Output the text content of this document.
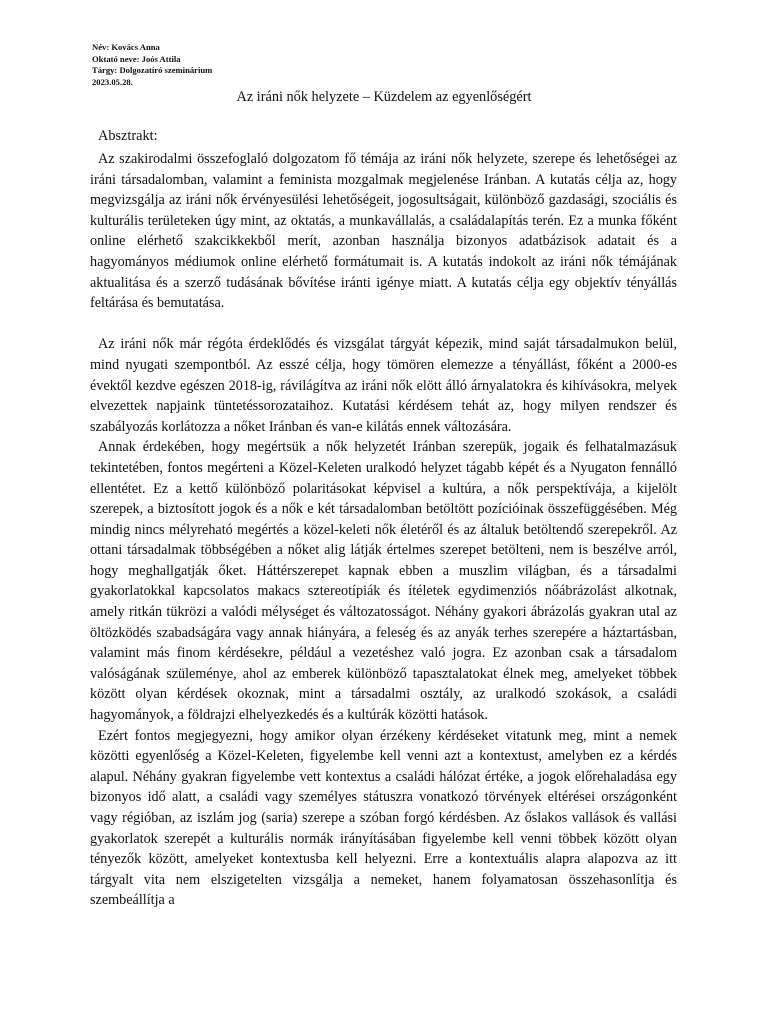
Név: Kovács Anna
Oktató neve: Joós Attila
Tárgy: Dolgozatíró szeminárium
2023.05.28.
Az iráni nők helyzete – Küzdelem az egyenlőségért
Absztrakt:

Az szakirodalmi összefoglaló dolgozatom fő témája az iráni nők helyzete, szerepe és lehetőségei az iráni társadalomban, valamint a feminista mozgalmak megjelenése Iránban. A kutatás célja az, hogy megvizsgálja az iráni nők érvényesülési lehetőségeit, jogosultságait, különböző gazdasági, szociális és kulturális területeken úgy mint, az oktatás, a munkavállalás, a családalapítás terén. Ez a munka főként online elérhető szakcikkekből merít, azonban használja bizonyos adatbázisok adatait és a hagyományos médiumok online elérhető formátumait is. A kutatás indokolt az iráni nők témájának aktualitása és a szerző tudásának bővítése iránti igénye miatt. A kutatás célja egy objektív tényállás feltárása és bemutatása.

Az iráni nők már régóta érdeklődés és vizsgálat tárgyát képezik, mind saját társadalmukon belül, mind nyugati szempontból. Az esszé célja, hogy tömören elemezze a tényállást, főként a 2000-es évektől kezdve egészen 2018-ig, rávilágítva az iráni nők elött álló árnyalatokra és kihívásokra, melyek elvezettek napjaink tüntetéssorozataihoz. Kutatási kérdésem tehát az, hogy milyen rendszer és szabályozás korlátozza a nőket Iránban és van-e kilátás ennek változására.

Annak érdekében, hogy megértsük a nők helyzetét Iránban szerepük, jogaik és felhatalmazásuk tekintetében, fontos megérteni a Közel-Keleten uralkodó helyzet tágabb képét és a Nyugaton fennálló ellentétet. Ez a kettő különböző polaritásokat képvisel a kultúra, a nők perspektívája, a kijelölt szerepek, a biztosított jogok és a nők e két társadalomban betöltött pozícióinak összefüggésében. Még mindig nincs mélyreható megértés a közel-keleti nők életéről és az általuk betöltendő szerepekről. Az ottani társadalmak többségében a nőket alig látják értelmes szerepet betölteni, nem is beszélve arról, hogy meghallgatják őket. Háttérszerepet kapnak ebben a muszlim világban, és a társadalmi gyakorlatokkal kapcsolatos makacs sztereotípiák és ítéletek egydimenziós nőábrázolást alkotnak, amely ritkán tükrözi a valódi mélységet és változatosságot. Néhány gyakori ábrázolás gyakran utal az öltözködés szabadságára vagy annak hiányára, a feleség és az anyák terhes szerepére a háztartásban, valamint más finom kérdésekre, például a vezetéshez való jogra. Ez azonban csak a társadalom valóságának szüleménye, ahol az emberek különböző tapasztalatokat élnek meg, amelyeket többek között olyan kérdések okoznak, mint a társadalmi osztály, az uralkodó szokások, a családi hagyományok, a földrajzi elhelyezkedés és a kultúrák közötti hatások.

Ezért fontos megjegyezni, hogy amikor olyan érzékeny kérdéseket vitatunk meg, mint a nemek közötti egyenlőség a Közel-Keleten, figyelembe kell venni azt a kontextust, amelyben ez a kérdés alapul. Néhány gyakran figyelembe vett kontextus a családi hálózat értéke, a jogok előrehaladása egy bizonyos idő alatt, a családi vagy személyes státuszra vonatkozó törvények eltérései országonként vagy régióban, az iszlám jog (saria) szerepe a szóban forgó kérdésben. Az őslakos vallások és vallási gyakorlatok szerepét a kulturális normák irányításában figyelembe kell venni többek között olyan tényezők között, amelyeket kontextusba kell helyezni. Erre a kontextuális alapra alapozva az itt tárgyalt vita nem elszigetelten vizsgálja a nemeket, hanem folyamatosan összehasonlítja és szembeállítja a
